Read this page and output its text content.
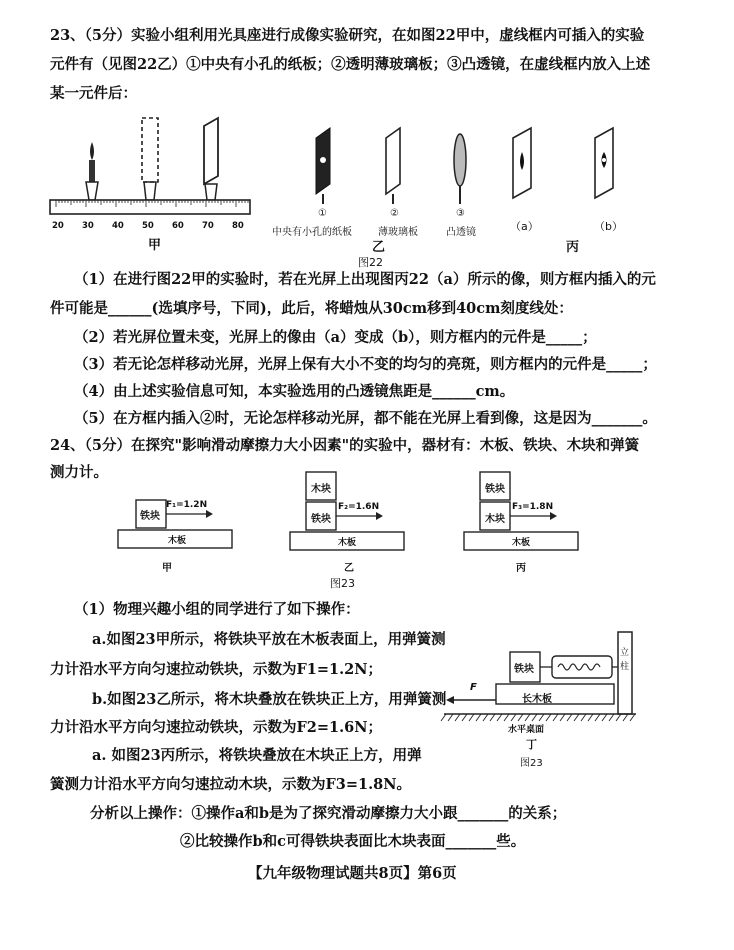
23、（5分）实验小组利用光具座进行成像实验研究，在如图22甲中，虚线框内可插入的实验
元件有（见图22乙）①中央有小孔的纸板；②透明薄玻璃板；③凸透镜，在虚线框内放入上述
某一元件后：
20 30 40 50 60 70 80
甲
①
中央有小孔的纸板
②
薄玻璃板
③
凸透镜	（a）	（b）
乙	丙
图22
（1）在进行图22甲的实验时，若在光屏上出现图丙22（a）所示的像，则方框内插入的元
件可能是______(选填序号，下同)，此后，将蜡烛从30cm移到40cm刻度线处：
（2）若光屏位置未变，光屏上的像由（a）变成（b），则方框内的元件是_____；
（3）若无论怎样移动光屏，光屏上保有大小不变的均匀的亮斑，则方框内的元件是_____；
（4）由上述实验信息可知，本实验选用的凸透镜焦距是______cm。
（5）在方框内插入②时，无论怎样移动光屏，都不能在光屏上看到像，这是因为_______。
24、（5分）在探究"影响滑动摩擦力大小因素"的实验中，器材有：木板、铁块、木块和弹簧
测力计。
铁块
F₁=1.2N
木板
甲
木块
铁块
F₂=1.6N
木板
乙
铁块
木块
F₃=1.8N
木板
丙
图23
（1）物理兴趣小组的同学进行了如下操作：
a.如图23甲所示，将铁块平放在木板表面上，用弹簧测
力计沿水平方向匀速拉动铁块，示数为F1=1.2N；
b.如图23乙所示，将木块叠放在铁块正上方，用弹簧测
力计沿水平方向匀速拉动铁块，示数为F2=1.6N；
a. 如图23丙所示，将铁块叠放在木块正上方，用弹
簧测力计沿水平方向匀速拉动木块，示数为F3=1.8N。
分析以上操作：①操作a和b是为了探究滑动摩擦力大小跟_______的关系；
②比较操作b和c可得铁块表面比木块表面_______些。
铁块
立柱
长木板
F
水平桌面
丁
图23
【九年级物理试题共8页】第6页
